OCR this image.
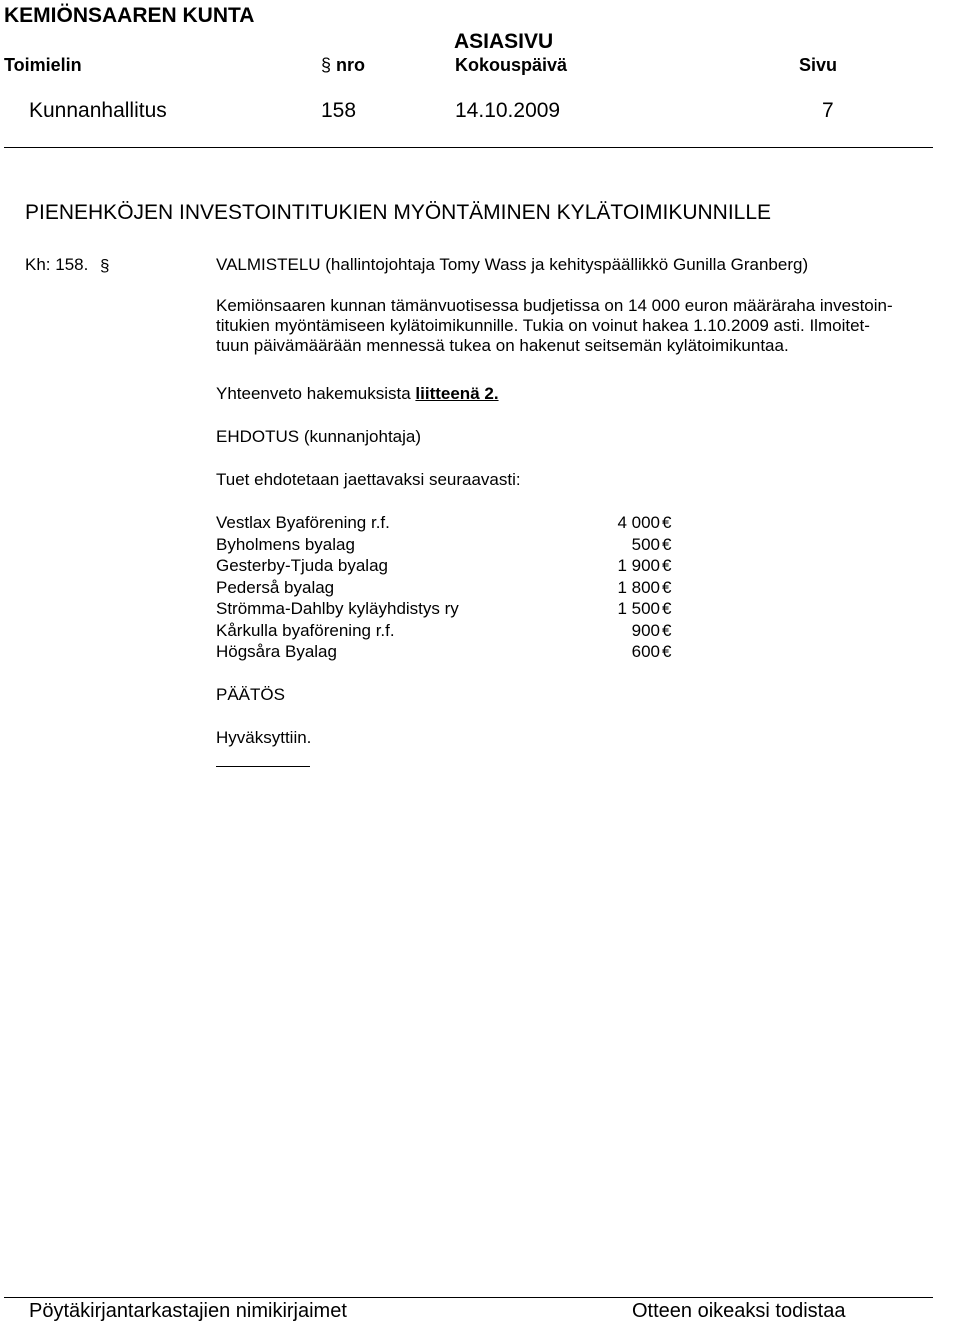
KEMIÖNSAAREN KUNTA
ASIASIVU
Toimielin	§ nro	Kokouspäivä	Sivu
Kunnanhallitus	158	14.10.2009	7
PIENEHKÖJEN INVESTOINTITUKIEN MYÖNTÄMINEN KYLÄTOIMIKUNNILLE
Kh: 158. §	VALMISTELU (hallintojohtaja Tomy Wass ja kehityspäällikkö Gunilla Granberg)
Kemiönsaaren kunnan tämänvuotisessa budjetissa on 14 000 euron määräraha investoin-
titukien myöntämiseen kylätoimikunnille. Tukia on voinut hakea 1.10.2009 asti. Ilmoitet-
tuun päivämäärään mennessä tukea on hakenut seitsemän kylätoimikuntaa.
Yhteenveto hakemuksista liitteenä 2.
EHDOTUS (kunnanjohtaja)
Tuet ehdotetaan jaettavaksi seuraavasti:
Vestlax Byaförening r.f.	4 000 €
Byholmens byalag	500 €
Gesterby-Tjuda byalag	1 900 €
Pederså byalag	1 800 €
Strömma-Dahlby kyläyhdistys ry	1 500 €
Kårkulla byaförening r.f.	900 €
Högsåra Byalag	600 €
PÄÄTÖS
Hyväksyttiin.
Pöytäkirjantarkastajien nimikirjaimet	Otteen oikeaksi todistaa
